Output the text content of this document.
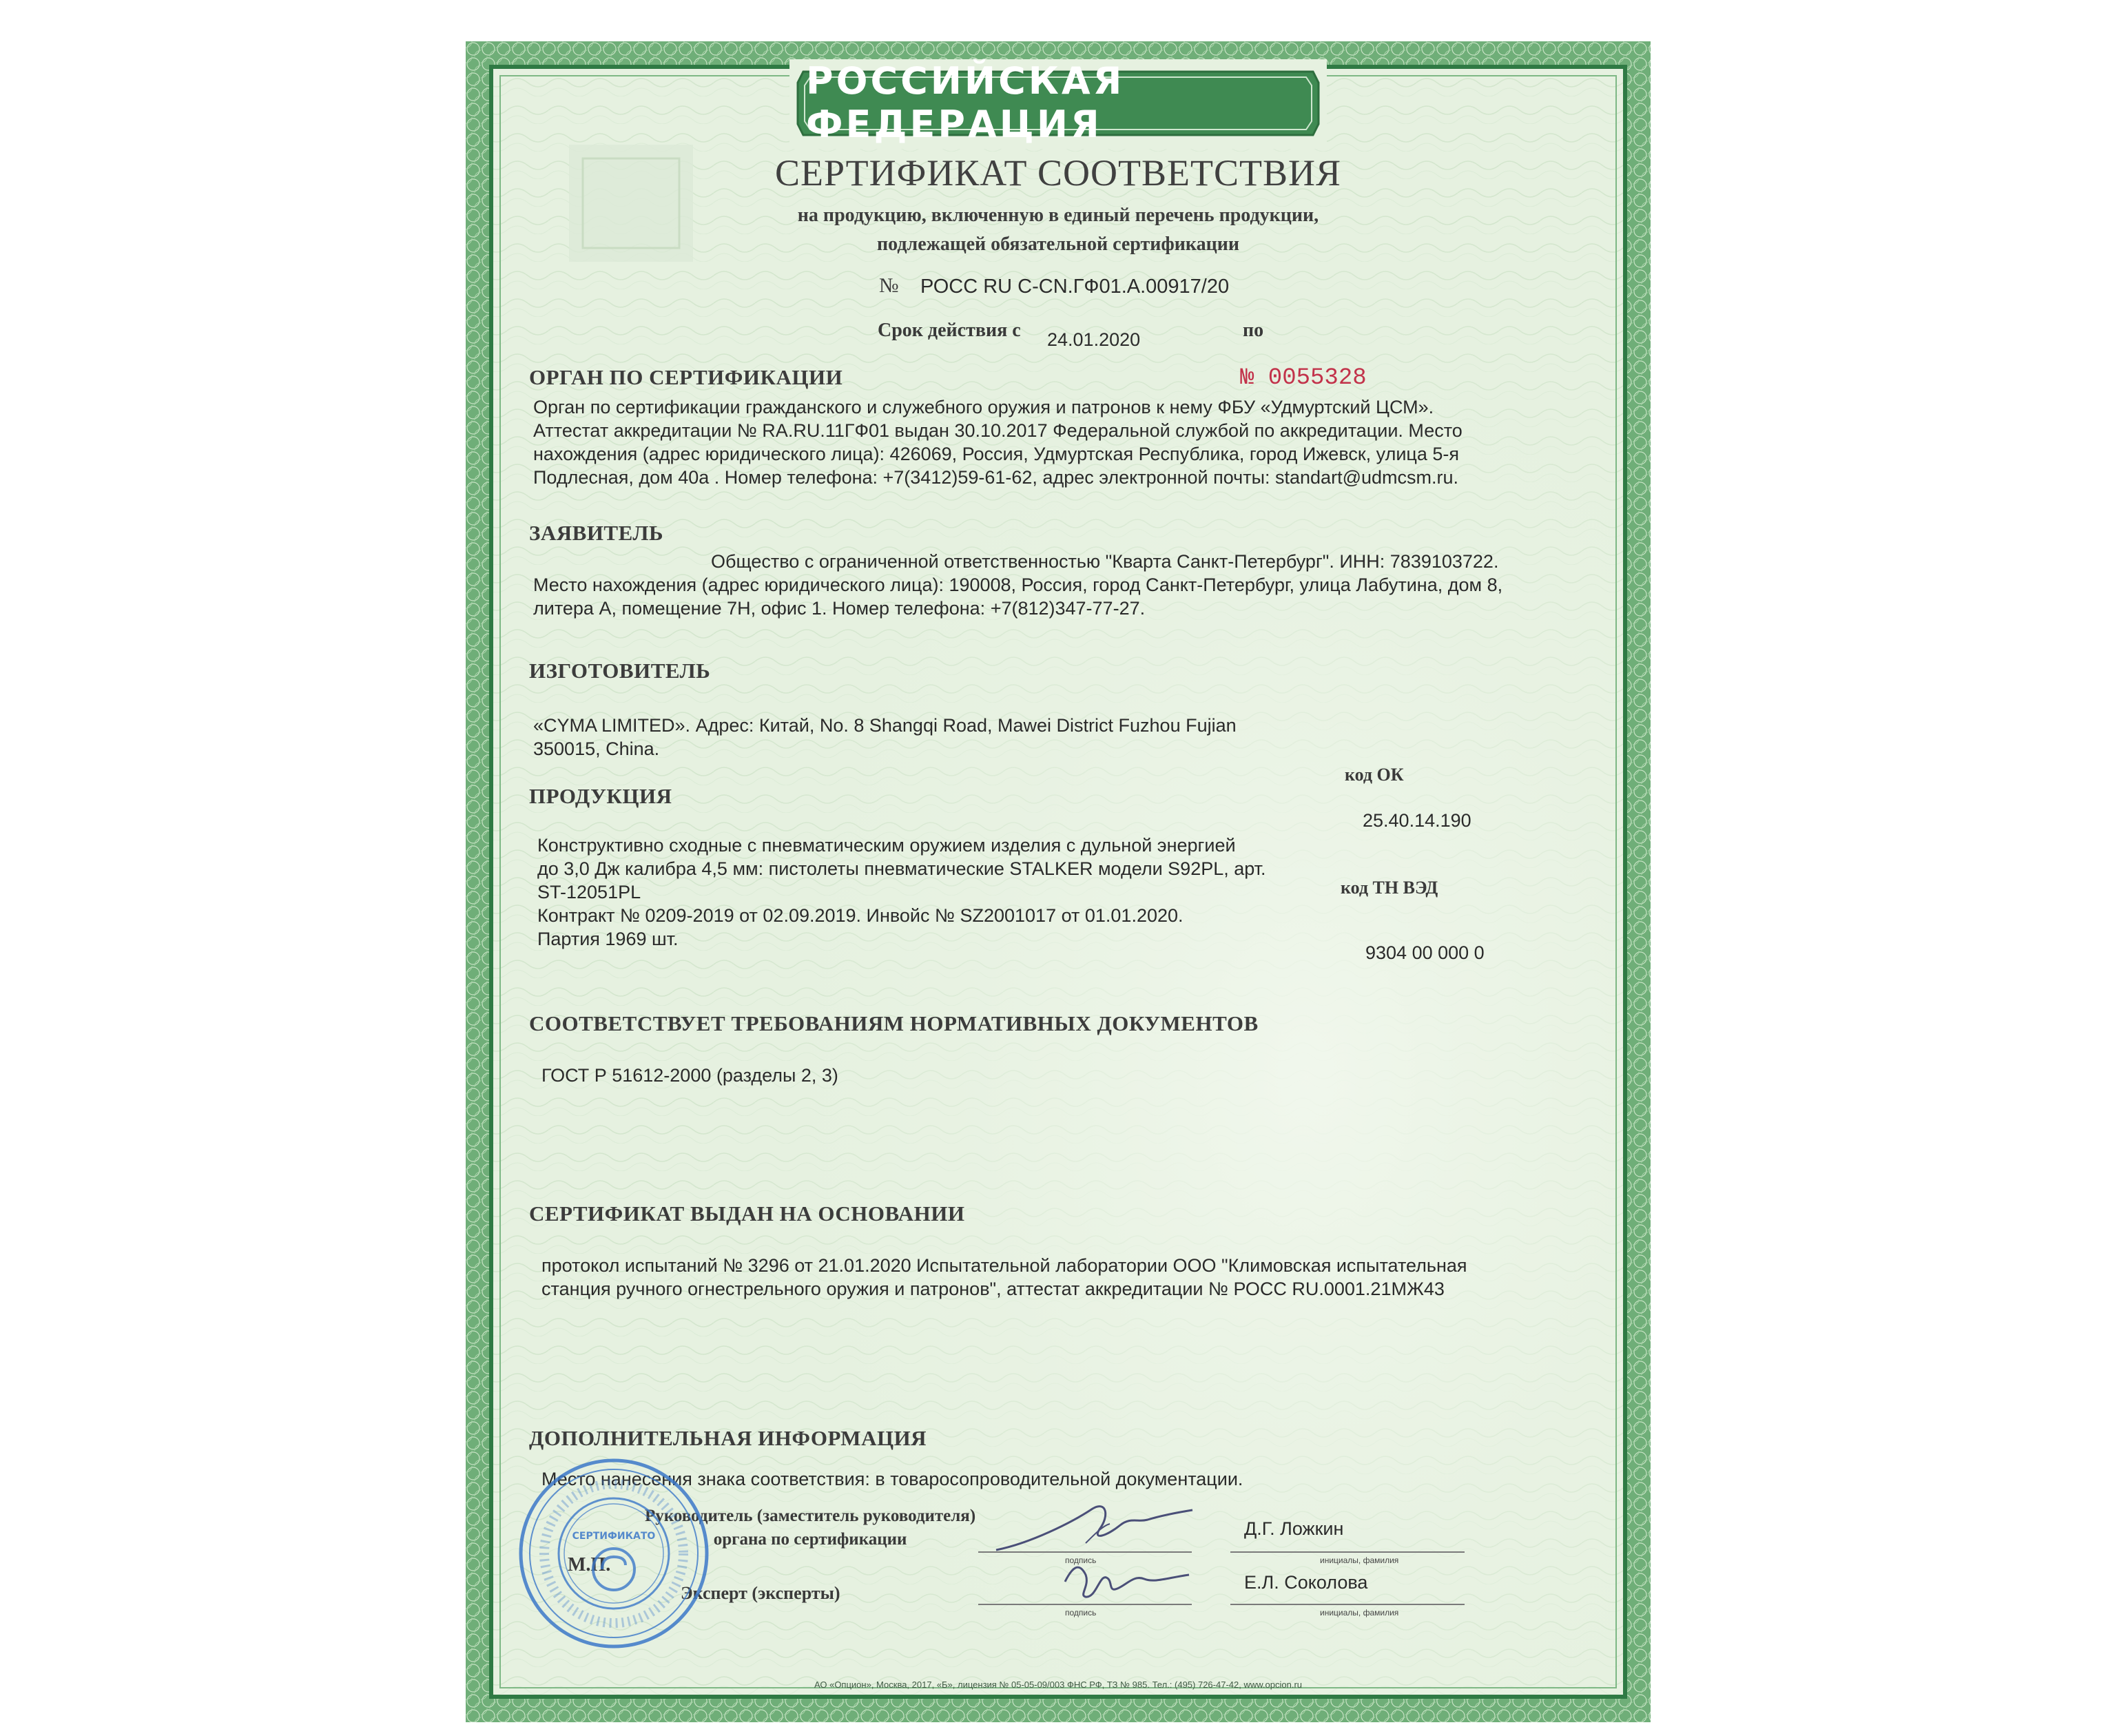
РОССИЙСКАЯ ФЕДЕРАЦИЯ
СЕРТИФИКАТ СООТВЕТСТВИЯ
на продукцию, включенную в единый перечень продукции,
подлежащей обязательной сертификации
№ РОСС RU C-CN.ГФ01.А.00917/20
Срок действия с 24.01.2020	по
ОРГАН ПО СЕРТИФИКАЦИИ	№ 0055328
Орган по сертификации гражданского и служебного оружия и патронов к нему ФБУ «Удмуртский ЦСМ».
Аттестат аккредитации № RA.RU.11ГФ01 выдан 30.10.2017 Федеральной службой по аккредитации. Место
нахождения (адрес юридического лица): 426069, Россия, Удмуртская Республика, город Ижевск, улица 5-я
Подлесная, дом 40а . Номер телефона: +7(3412)59-61-62, адрес электронной почты: standart@udmcsm.ru.
ЗАЯВИТЕЛЬ
Общество с ограниченной ответственностью "Кварта Санкт-Петербург". ИНН: 7839103722.
Место нахождения (адрес юридического лица): 190008, Россия, город Санкт-Петербург, улица Лабутина, дом 8,
литера А, помещение 7Н, офис 1. Номер телефона: +7(812)347-77-27.
ИЗГОТОВИТЕЛЬ
«CYMA LIMITED». Адрес: Китай, No. 8 Shangqi Road, Mawei District Fuzhou Fujian
350015, China.
ПРОДУКЦИЯ
код ОК
25.40.14.190
Конструктивно сходные с пневматическим оружием изделия с дульной энергией
до 3,0 Дж калибра 4,5 мм: пистолеты пневматические STALKER модели S92PL, арт.
ST-12051PL
Контракт № 0209-2019 от 02.09.2019. Инвойс № SZ2001017 от 01.01.2020.
Партия 1969 шт.
код ТН ВЭД
9304 00 000 0
СООТВЕТСТВУЕТ ТРЕБОВАНИЯМ НОРМАТИВНЫХ ДОКУМЕНТОВ
ГОСТ Р 51612-2000 (разделы 2, 3)
СЕРТИФИКАТ ВЫДАН НА ОСНОВАНИИ
протокол испытаний № 3296 от 21.01.2020 Испытательной лаборатории ООО "Климовская испытательная
станция ручного огнестрельного оружия и патронов", аттестат аккредитации № РОСС RU.0001.21МЖ43
ДОПОЛНИТЕЛЬНАЯ ИНФОРМАЦИЯ
Место нанесения знака соответствия: в товаросопроводительной документации.
Руководитель (заместитель руководителя)
органа по сертификации
М.П.
Эксперт (эксперты)
подпись	инициалы, фамилия
подпись	инициалы, фамилия
Д.Г. Ложкин
Е.Л. Соколова
СЕРТИФИКАТО
АО «Опцион», Москва, 2017, «Б», лицензия № 05-05-09/003 ФНС РФ, ТЗ № 985. Тел.: (495) 726-47-42, www.opcion.ru
